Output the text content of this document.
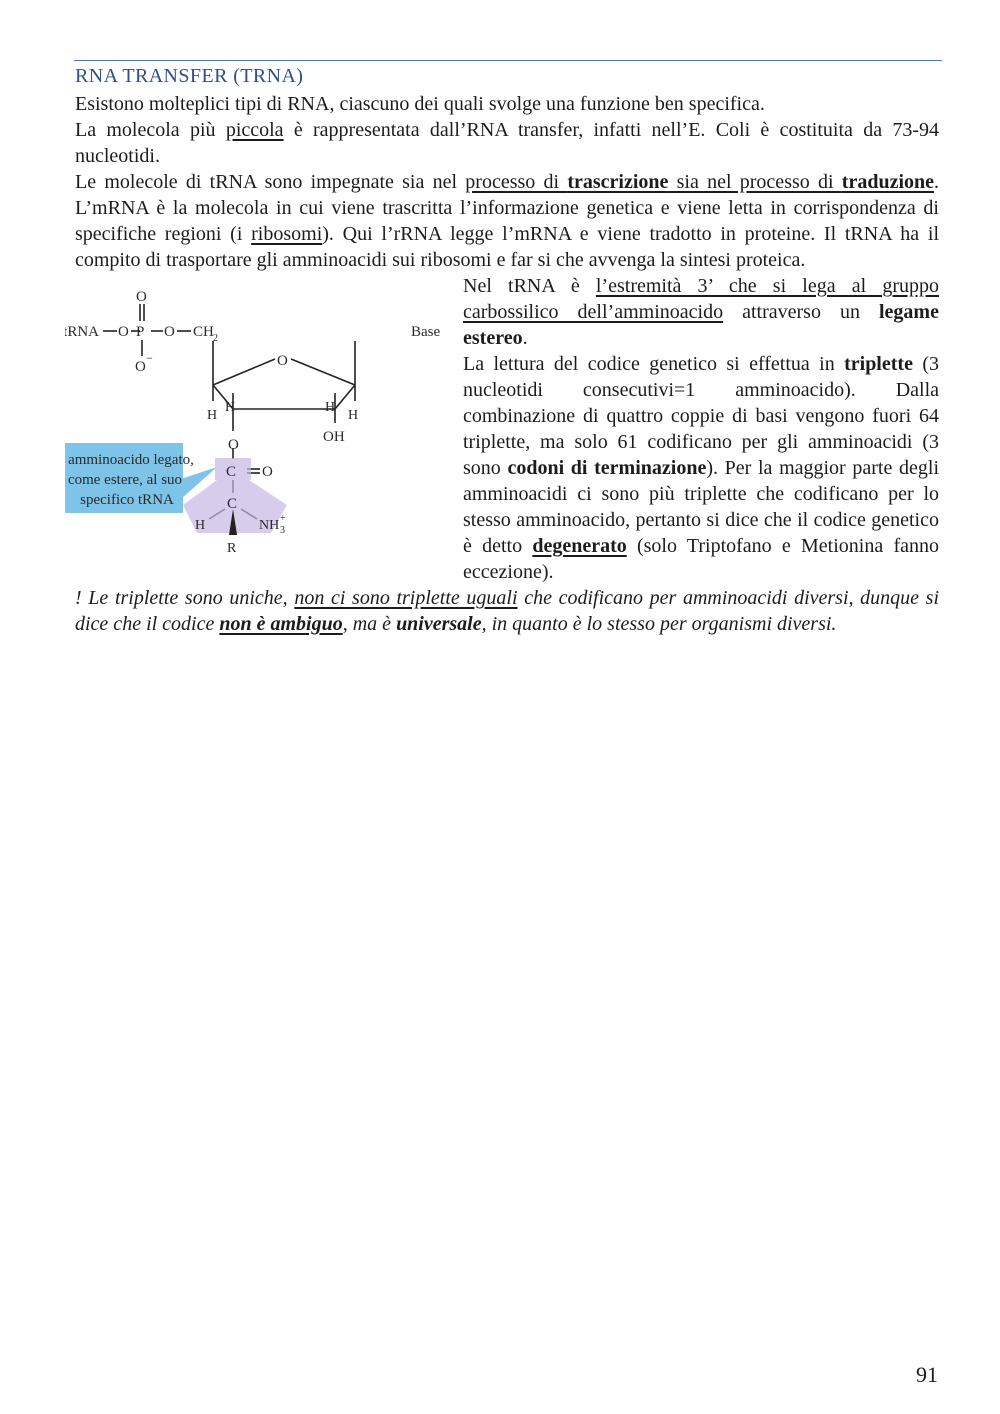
RNA TRANSFER (TRNA)

Esistono molteplici tipi di RNA, ciascuno dei quali svolge una funzione ben specifica.

La molecola più piccola è rappresentata dall’RNA transfer, infatti nell’E. Coli è costituita da 73-94 nucleotidi.

Le molecole di tRNA sono impegnate sia nel processo di trascrizione sia nel processo di traduzione. L’mRNA è la molecola in cui viene trascritta l’informazione genetica e viene letta in corrispondenza di specifiche regioni (i ribosomi). Qui l’rRNA legge l’mRNA e viene tradotto in proteine. Il tRNA ha il compito di trasportare gli amminoacidi sui ribosomi e far si che avvenga la sintesi proteica.

amminoacido legato,
come estere, al suo
specifico tRNA
tRNA
O
O P O
O
−
CH 2	Base
O
H	H
H	H
OH
O
C O
C
H
R
NH 3
+

Nel tRNA è l’estremità 3’ che si lega al gruppo carbossilico dell’amminoacido attraverso un legame estereo.

La lettura del codice genetico si effettua in triplette (3 nucleotidi consecutivi=1 amminoacido). Dalla combinazione di quattro coppie di basi vengono fuori 64 triplette, ma solo 61 codificano per gli amminoacidi (3 sono codoni di terminazione). Per la maggior parte degli amminoacidi ci sono più triplette che codificano per lo stesso amminoacido, pertanto si dice che il codice genetico è detto degenerato (solo Triptofano e Metionina fanno eccezione).

! Le triplette sono uniche, non ci sono triplette uguali che codificano per amminoacidi diversi, dunque si dice che il codice non è ambiguo, ma è universale, in quanto è lo stesso per organismi diversi.

91
